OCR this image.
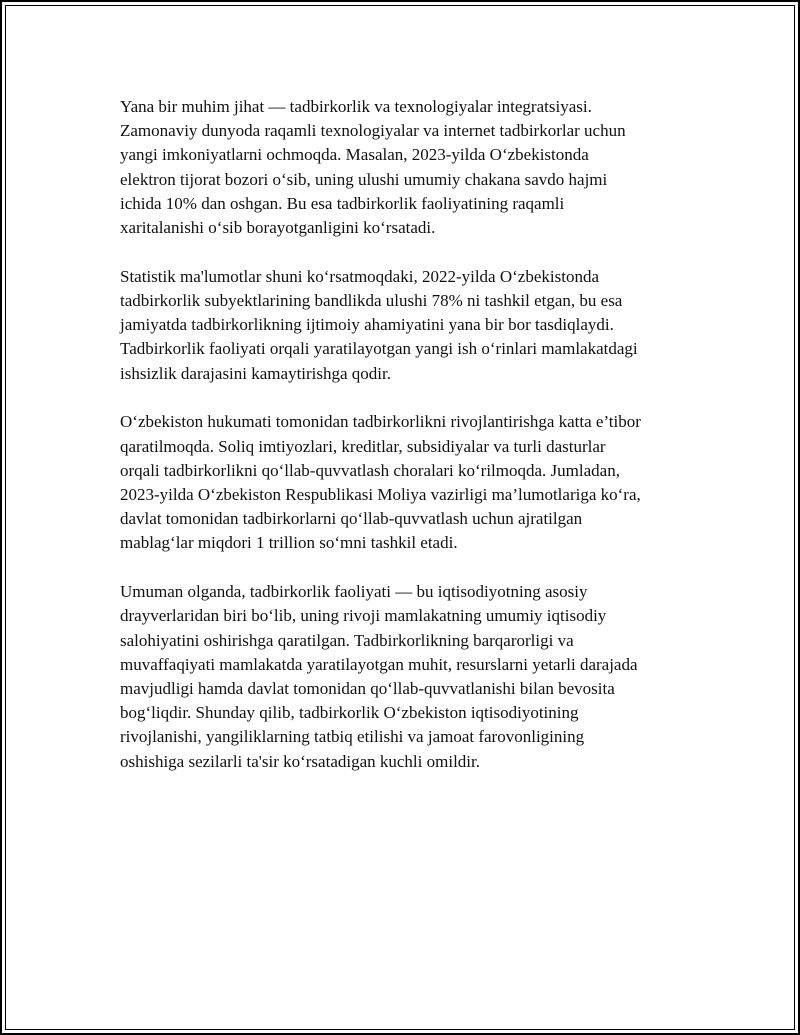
Yana bir muhim jihat — tadbirkorlik va texnologiyalar integratsiyasi.
Zamonaviy dunyoda raqamli texnologiyalar va internet tadbirkorlar uchun
yangi imkoniyatlarni ochmoqda. Masalan, 2023-yilda O‘zbekistonda
elektron tijorat bozori o‘sib, uning ulushi umumiy chakana savdo hajmi
ichida 10% dan oshgan. Bu esa tadbirkorlik faoliyatining raqamli
xaritalanishi o‘sib borayotganligini ko‘rsatadi.

Statistik ma'lumotlar shuni ko‘rsatmoqdaki, 2022-yilda O‘zbekistonda
tadbirkorlik subyektlarining bandlikda ulushi 78% ni tashkil etgan, bu esa
jamiyatda tadbirkorlikning ijtimoiy ahamiyatini yana bir bor tasdiqlaydi.
Tadbirkorlik faoliyati orqali yaratilayotgan yangi ish o‘rinlari mamlakatdagi
ishsizlik darajasini kamaytirishga qodir.

O‘zbekiston hukumati tomonidan tadbirkorlikni rivojlantirishga katta e’tibor
qaratilmoqda. Soliq imtiyozlari, kreditlar, subsidiyalar va turli dasturlar
orqali tadbirkorlikni qo‘llab-quvvatlash choralari ko‘rilmoqda. Jumladan,
2023-yilda O‘zbekiston Respublikasi Moliya vazirligi ma’lumotlariga ko‘ra,
davlat tomonidan tadbirkorlarni qo‘llab-quvvatlash uchun ajratilgan
mablag‘lar miqdori 1 trillion so‘mni tashkil etadi.

Umuman olganda, tadbirkorlik faoliyati — bu iqtisodiyotning asosiy
drayverlaridan biri bo‘lib, uning rivoji mamlakatning umumiy iqtisodiy
salohiyatini oshirishga qaratilgan. Tadbirkorlikning barqarorligi va
muvaffaqiyati mamlakatda yaratilayotgan muhit, resurslarni yetarli darajada
mavjudligi hamda davlat tomonidan qo‘llab-quvvatlanishi bilan bevosita
bog‘liqdir. Shunday qilib, tadbirkorlik O‘zbekiston iqtisodiyotining
rivojlanishi, yangiliklarning tatbiq etilishi va jamoat farovonligining
oshishiga sezilarli ta'sir ko‘rsatadigan kuchli omildir.
